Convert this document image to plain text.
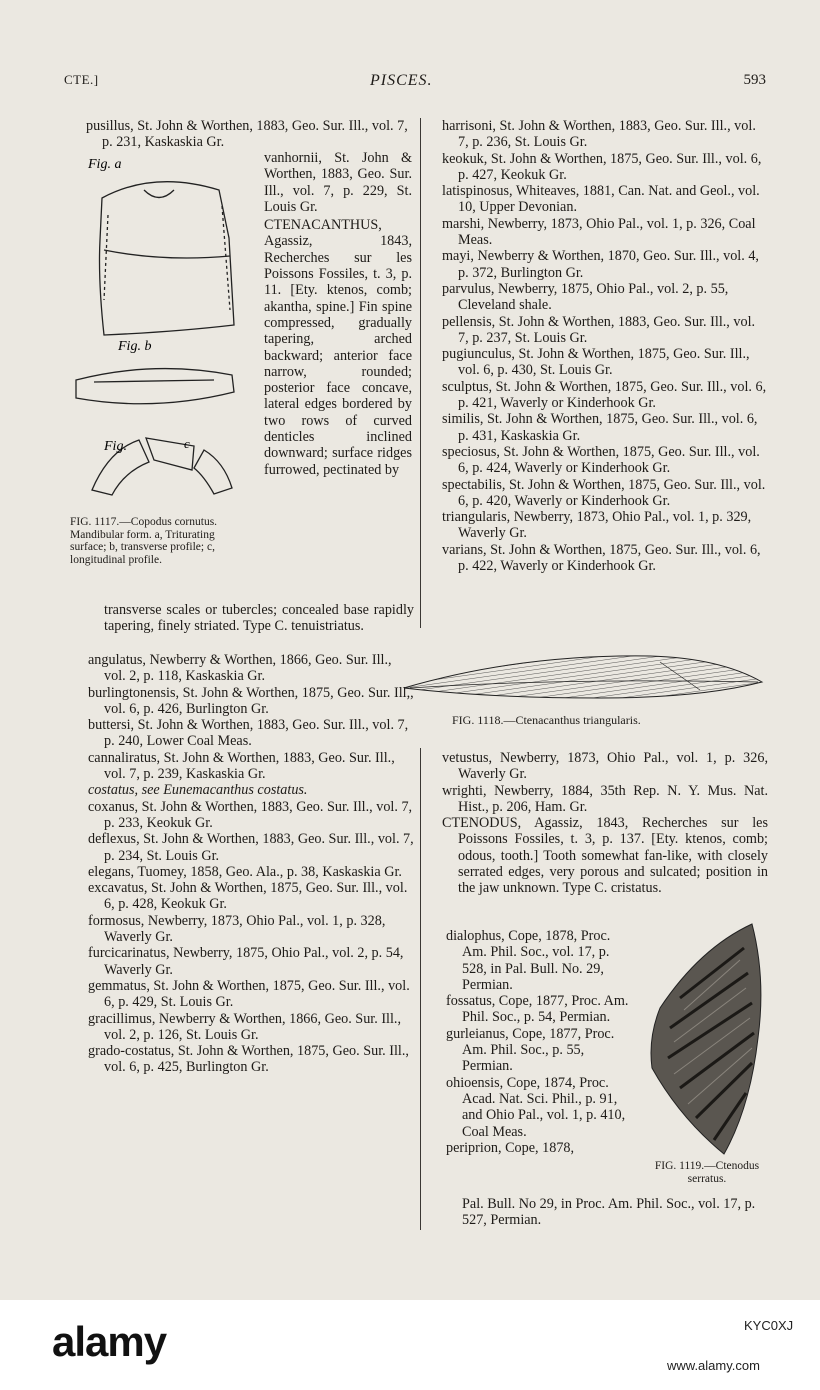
CTE.]	PISCES.	593

pusillus, St. John & Worthen, 1883, Geo. Sur. Ill., vol. 7, p. 231, Kaskaskia Gr.

Fig. a
Fig. b
Fig.	c
FIG. 1117.—Copodus cornutus. Mandibular form. a, Triturating surface; b, transverse profile; c, longitudinal profile.

vanhornii, St. John & Worthen, 1883, Geo. Sur. Ill., vol. 7, p. 229, St. Louis Gr.

CTENACANTHUS, Agassiz, 1843, Recherches sur les Poissons Fossiles, t. 3, p. 11. [Ety. ktenos, comb; akantha, spine.] Fin spine compressed, gradually tapering, arched backward; anterior face narrow, rounded; posterior face concave, lateral edges bordered by two rows of curved denticles inclined downward; surface ridges furrowed, pectinated by

transverse scales or tubercles; concealed base rapidly tapering, finely striated. Type C. tenuistriatus.

angulatus, Newberry & Worthen, 1866, Geo. Sur. Ill., vol. 2, p. 118, Kaskaskia Gr.

burlingtonensis, St. John & Worthen, 1875, Geo. Sur. Ill,, vol. 6, p. 426, Burlington Gr.

buttersi, St. John & Worthen, 1883, Geo. Sur. Ill., vol. 7, p. 240, Lower Coal Meas.

cannaliratus, St. John & Worthen, 1883, Geo. Sur. Ill., vol. 7, p. 239, Kaskaskia Gr.

costatus, see Eunemacanthus costatus.

coxanus, St. John & Worthen, 1883, Geo. Sur. Ill., vol. 7, p. 233, Keokuk Gr.

deflexus, St. John & Worthen, 1883, Geo. Sur. Ill., vol. 7, p. 234, St. Louis Gr.

elegans, Tuomey, 1858, Geo. Ala., p. 38, Kaskaskia Gr.

excavatus, St. John & Worthen, 1875, Geo. Sur. Ill., vol. 6, p. 428, Keokuk Gr.

formosus, Newberry, 1873, Ohio Pal., vol. 1, p. 328, Waverly Gr.

furcicarinatus, Newberry, 1875, Ohio Pal., vol. 2, p. 54, Waverly Gr.

gemmatus, St. John & Worthen, 1875, Geo. Sur. Ill., vol. 6, p. 429, St. Louis Gr.

gracillimus, Newberry & Worthen, 1866, Geo. Sur. Ill., vol. 2, p. 126, St. Louis Gr.

grado-costatus, St. John & Worthen, 1875, Geo. Sur. Ill., vol. 6, p. 425, Burlington Gr.

harrisoni, St. John & Worthen, 1883, Geo. Sur. Ill., vol. 7, p. 236, St. Louis Gr.

keokuk, St. John & Worthen, 1875, Geo. Sur. Ill., vol. 6, p. 427, Keokuk Gr.

latispinosus, Whiteaves, 1881, Can. Nat. and Geol., vol. 10, Upper Devonian.

marshi, Newberry, 1873, Ohio Pal., vol. 1, p. 326, Coal Meas.

mayi, Newberry & Worthen, 1870, Geo. Sur. Ill., vol. 4, p. 372, Burlington Gr.

parvulus, Newberry, 1875, Ohio Pal., vol. 2, p. 55, Cleveland shale.

pellensis, St. John & Worthen, 1883, Geo. Sur. Ill., vol. 7, p. 237, St. Louis Gr.

pugiunculus, St. John & Worthen, 1875, Geo. Sur. Ill., vol. 6, p. 430, St. Louis Gr.

sculptus, St. John & Worthen, 1875, Geo. Sur. Ill., vol. 6, p. 421, Waverly or Kinderhook Gr.

similis, St. John & Worthen, 1875, Geo. Sur. Ill., vol. 6, p. 431, Kaskaskia Gr.

speciosus, St. John & Worthen, 1875, Geo. Sur. Ill., vol. 6, p. 424, Waverly or Kinderhook Gr.

spectabilis, St. John & Worthen, 1875, Geo. Sur. Ill., vol. 6, p. 420, Waverly or Kinderhook Gr.

triangularis, Newberry, 1873, Ohio Pal., vol. 1, p. 329, Waverly Gr.

varians, St. John & Worthen, 1875, Geo. Sur. Ill., vol. 6, p. 422, Waverly or Kinderhook Gr.

FIG. 1118.—Ctenacanthus triangularis.

vetustus, Newberry, 1873, Ohio Pal., vol. 1, p. 326, Waverly Gr.

wrighti, Newberry, 1884, 35th Rep. N. Y. Mus. Nat. Hist., p. 206, Ham. Gr.

CTENODUS, Agassiz, 1843, Recherches sur les Poissons Fossiles, t. 3, p. 137. [Ety. ktenos, comb; odous, tooth.] Tooth somewhat fan-like, with closely serrated edges, very porous and sulcated; position in the jaw unknown. Type C. cristatus.

dialophus, Cope, 1878, Proc. Am. Phil. Soc., vol. 17, p. 528, in Pal. Bull. No. 29, Permian.

fossatus, Cope, 1877, Proc. Am. Phil. Soc., p. 54, Permian.

gurleianus, Cope, 1877, Proc. Am. Phil. Soc., p. 55, Permian.

ohioensis, Cope, 1874, Proc. Acad. Nat. Sci. Phil., p. 91, and Ohio Pal., vol. 1, p. 410, Coal Meas.

periprion, Cope, 1878,

Pal. Bull. No 29, in Proc. Am. Phil. Soc., vol. 17, p. 527, Permian.

FIG. 1119.—Ctenodus serratus.
alamy	KYC0XJ
www.alamy.com
